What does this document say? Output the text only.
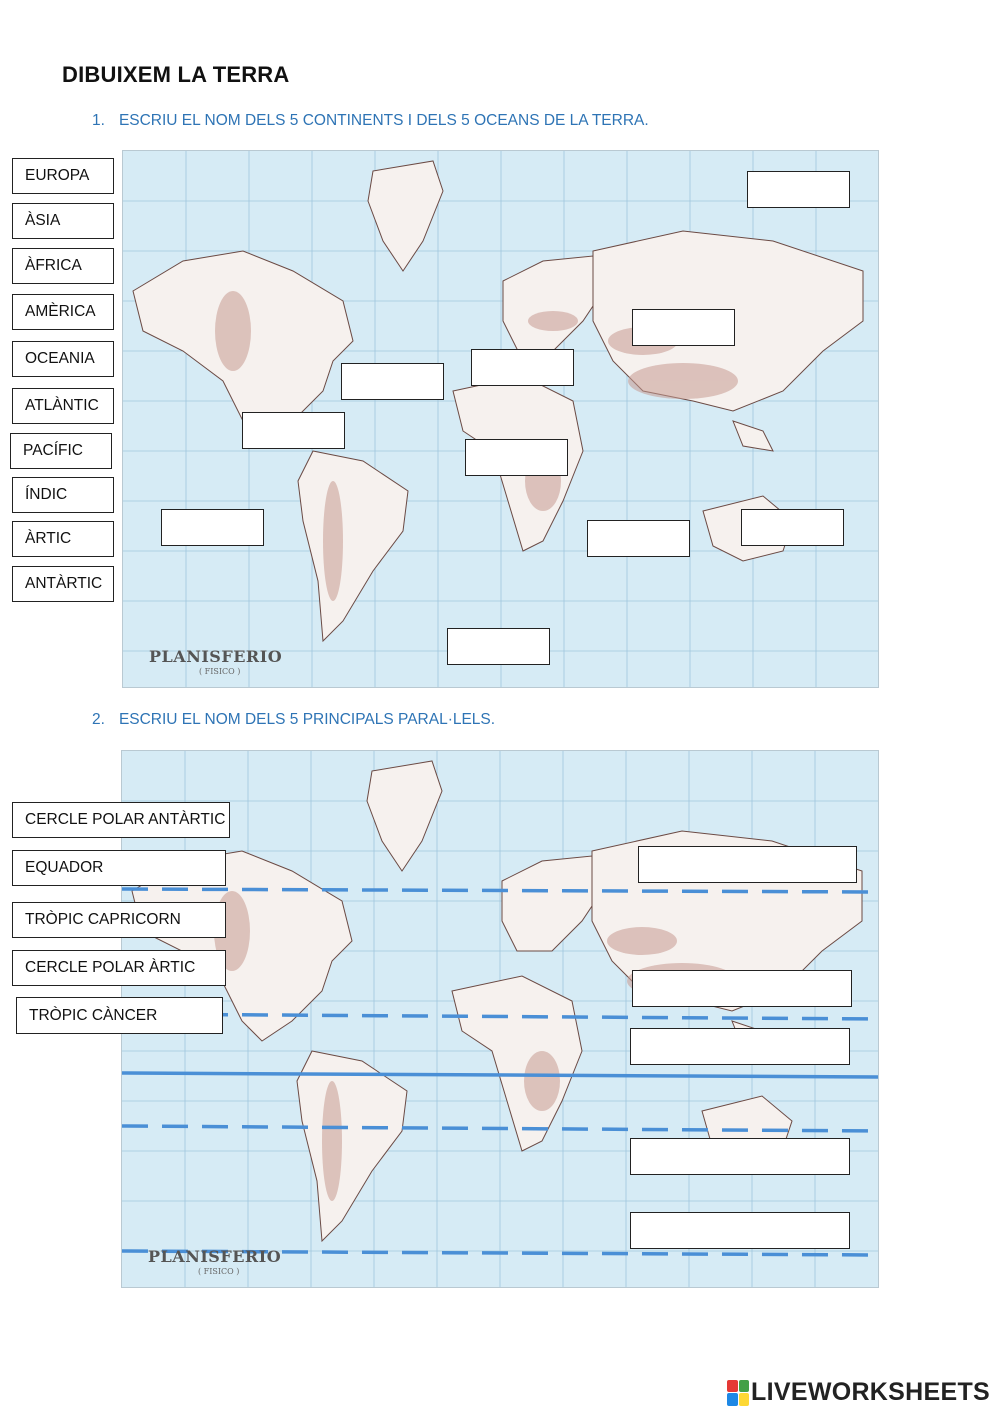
DIBUIXEM LA TERRA
1. ESCRIU EL NOM DELS 5 CONTINENTS I DELS 5 OCEANS DE LA TERRA.
PLANISFERIO
( FISICO )
EUROPA
ÀSIA
ÀFRICA
AMÈRICA
OCEANIA
ATLÀNTIC
PACÍFIC
ÍNDIC
ÀRTIC
ANTÀRTIC
2. ESCRIU EL NOM DELS 5 PRINCIPALS PARAL·LELS.
PLANISFERIO
( FISICO )
CERCLE POLAR ANTÀRTIC
EQUADOR
TRÒPIC CAPRICORN
CERCLE POLAR ÀRTIC
TRÒPIC CÀNCER
LIVEWORKSHEETS
